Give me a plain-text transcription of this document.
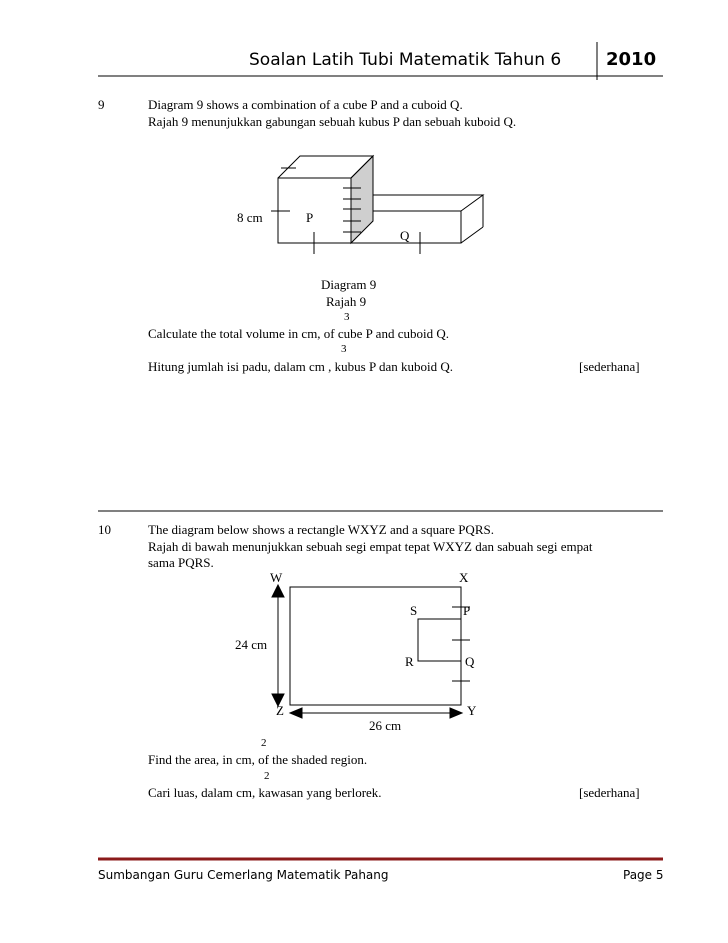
Soalan Latih Tubi Matematik Tahun 6 2010
9	Diagram 9 shows a combination of a cube P and a cuboid Q.
Rajah 9 menunjukkan gabungan sebuah kubus P dan sebuah kuboid Q.
8 cm	P
Q
Diagram 9
Rajah 9
3
Calculate the total volume in cm, of cube P and cuboid Q.
3
Hitung jumlah isi padu, dalam cm , kubus P dan kuboid Q.	[sederhana]
10	The diagram below shows a rectangle WXYZ and a square PQRS.
Rajah di bawah menunjukkan sebuah segi empat tepat WXYZ dan sabuah segi empat
sama PQRS.
W	X
S	P
24 cm
R	Q
Z	Y
26 cm
2
Find the area, in cm, of the shaded region.
2
Cari luas, dalam cm, kawasan yang berlorek.	[sederhana]
Sumbangan Guru Cemerlang Matematik Pahang	Page 5
